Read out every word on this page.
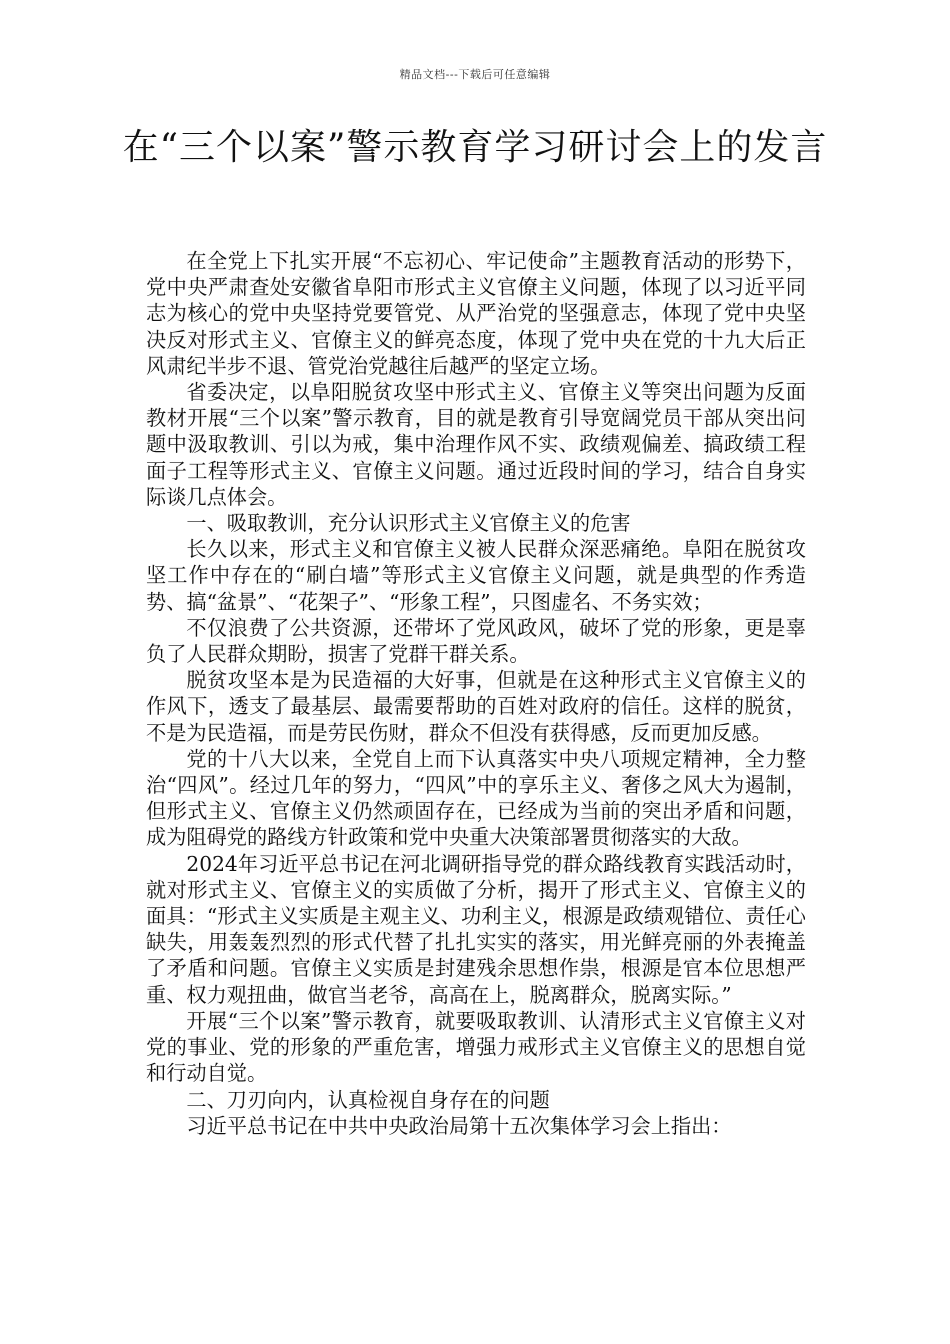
精品文档---下载后可任意编辑
在“三个以案”警示教育学习研讨会上的发言

在全党上下扎实开展“不忘初心、牢记使命”主题教育活动的形势下，党中央严肃查处安徽省阜阳市形式主义官僚主义问题，体现了以习近平同志为核心的党中央坚持党要管党、从严治党的坚强意志，体现了党中央坚决反对形式主义、官僚主义的鲜亮态度，体现了党中央在党的十九大后正风肃纪半步不退、管党治党越往后越严的坚定立场。

省委决定，以阜阳脱贫攻坚中形式主义、官僚主义等突出问题为反面教材开展“三个以案”警示教育，目的就是教育引导宽阔党员干部从突出问题中汲取教训、引以为戒，集中治理作风不实、政绩观偏差、搞政绩工程面子工程等形式主义、官僚主义问题。通过近段时间的学习，结合自身实际谈几点体会。

一、吸取教训，充分认识形式主义官僚主义的危害

长久以来，形式主义和官僚主义被人民群众深恶痛绝。阜阳在脱贫攻坚工作中存在的“刷白墙”等形式主义官僚主义问题，就是典型的作秀造势、搞“盆景”、“花架子”、“形象工程”，只图虚名、不务实效；

不仅浪费了公共资源，还带坏了党风政风，破坏了党的形象，更是辜负了人民群众期盼，损害了党群干群关系。

脱贫攻坚本是为民造福的大好事，但就是在这种形式主义官僚主义的作风下，透支了最基层、最需要帮助的百姓对政府的信任。这样的脱贫，不是为民造福，而是劳民伤财，群众不但没有获得感，反而更加反感。

党的十八大以来，全党自上而下认真落实中央八项规定精神，全力整治“四风”。经过几年的努力，“四风”中的享乐主义、奢侈之风大为遏制，但形式主义、官僚主义仍然顽固存在，已经成为当前的突出矛盾和问题，成为阻碍党的路线方针政策和党中央重大决策部署贯彻落实的大敌。

2024年习近平总书记在河北调研指导党的群众路线教育实践活动时，就对形式主义、官僚主义的实质做了分析，揭开了形式主义、官僚主义的面具：“形式主义实质是主观主义、功利主义，根源是政绩观错位、责任心缺失，用轰轰烈烈的形式代替了扎扎实实的落实，用光鲜亮丽的外表掩盖了矛盾和问题。官僚主义实质是封建残余思想作祟，根源是官本位思想严重、权力观扭曲，做官当老爷，高高在上，脱离群众，脱离实际。”

开展“三个以案”警示教育，就要吸取教训、认清形式主义官僚主义对党的事业、党的形象的严重危害，增强力戒形式主义官僚主义的思想自觉和行动自觉。

二、刀刃向内，认真检视自身存在的问题

习近平总书记在中共中央政治局第十五次集体学习会上指出：
